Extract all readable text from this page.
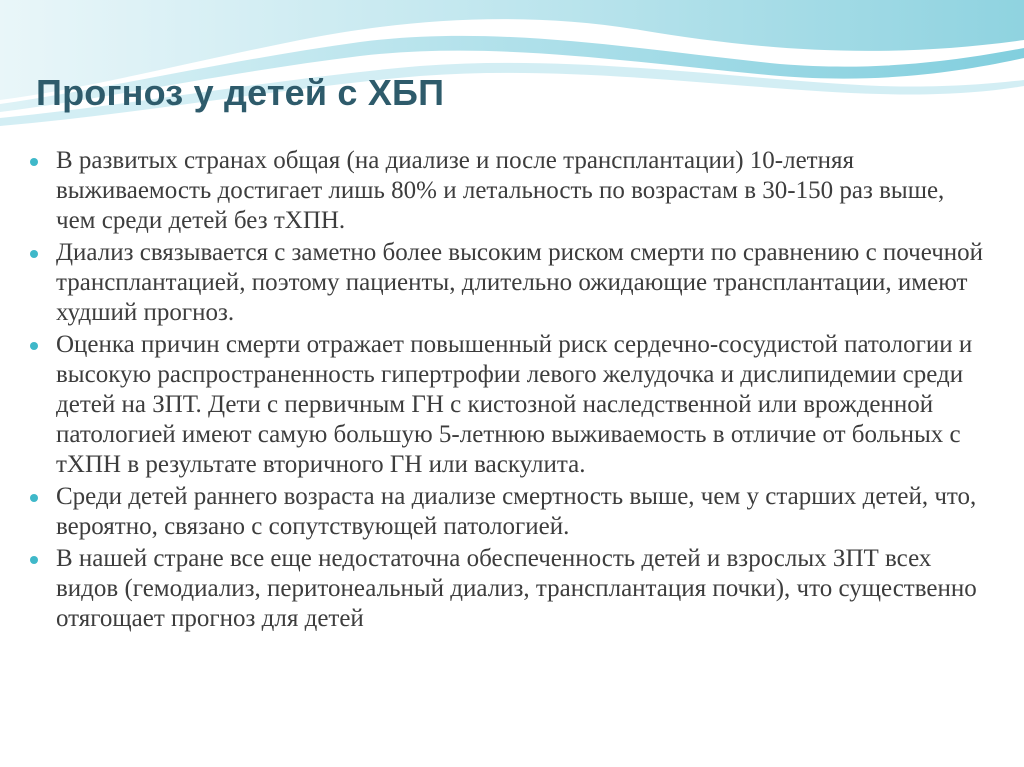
Прогноз у детей с ХБП
В развитых странах общая (на диализе и после трансплантации) 10-летняя выживаемость достигает лишь 80% и летальность по возрастам в 30-150 раз выше, чем среди детей без тХПН.
Диализ связывается с заметно более высоким риском смерти по сравнению с почечной трансплантацией, поэтому пациенты, длительно ожидающие трансплантации, имеют худший прогноз.
Оценка причин смерти отражает повышенный риск сердечно-сосудистой патологии и высокую распространенность гипертрофии левого желудочка и дислипидемии среди детей на ЗПТ. Дети с первичным ГН с кистозной наследственной или врожденной патологией имеют самую большую 5-летнюю выживаемость в отличие от больных с тХПН в результате вторичного ГН или васкулита.
Среди детей раннего возраста на диализе смертность выше, чем у старших детей, что, вероятно, связано с сопутствующей патологией.
В нашей стране все еще недостаточна обеспеченность детей и взрослых ЗПТ всех видов (гемодиализ, перитонеальный диализ, трансплантация почки), что существенно отягощает прогноз для детей
